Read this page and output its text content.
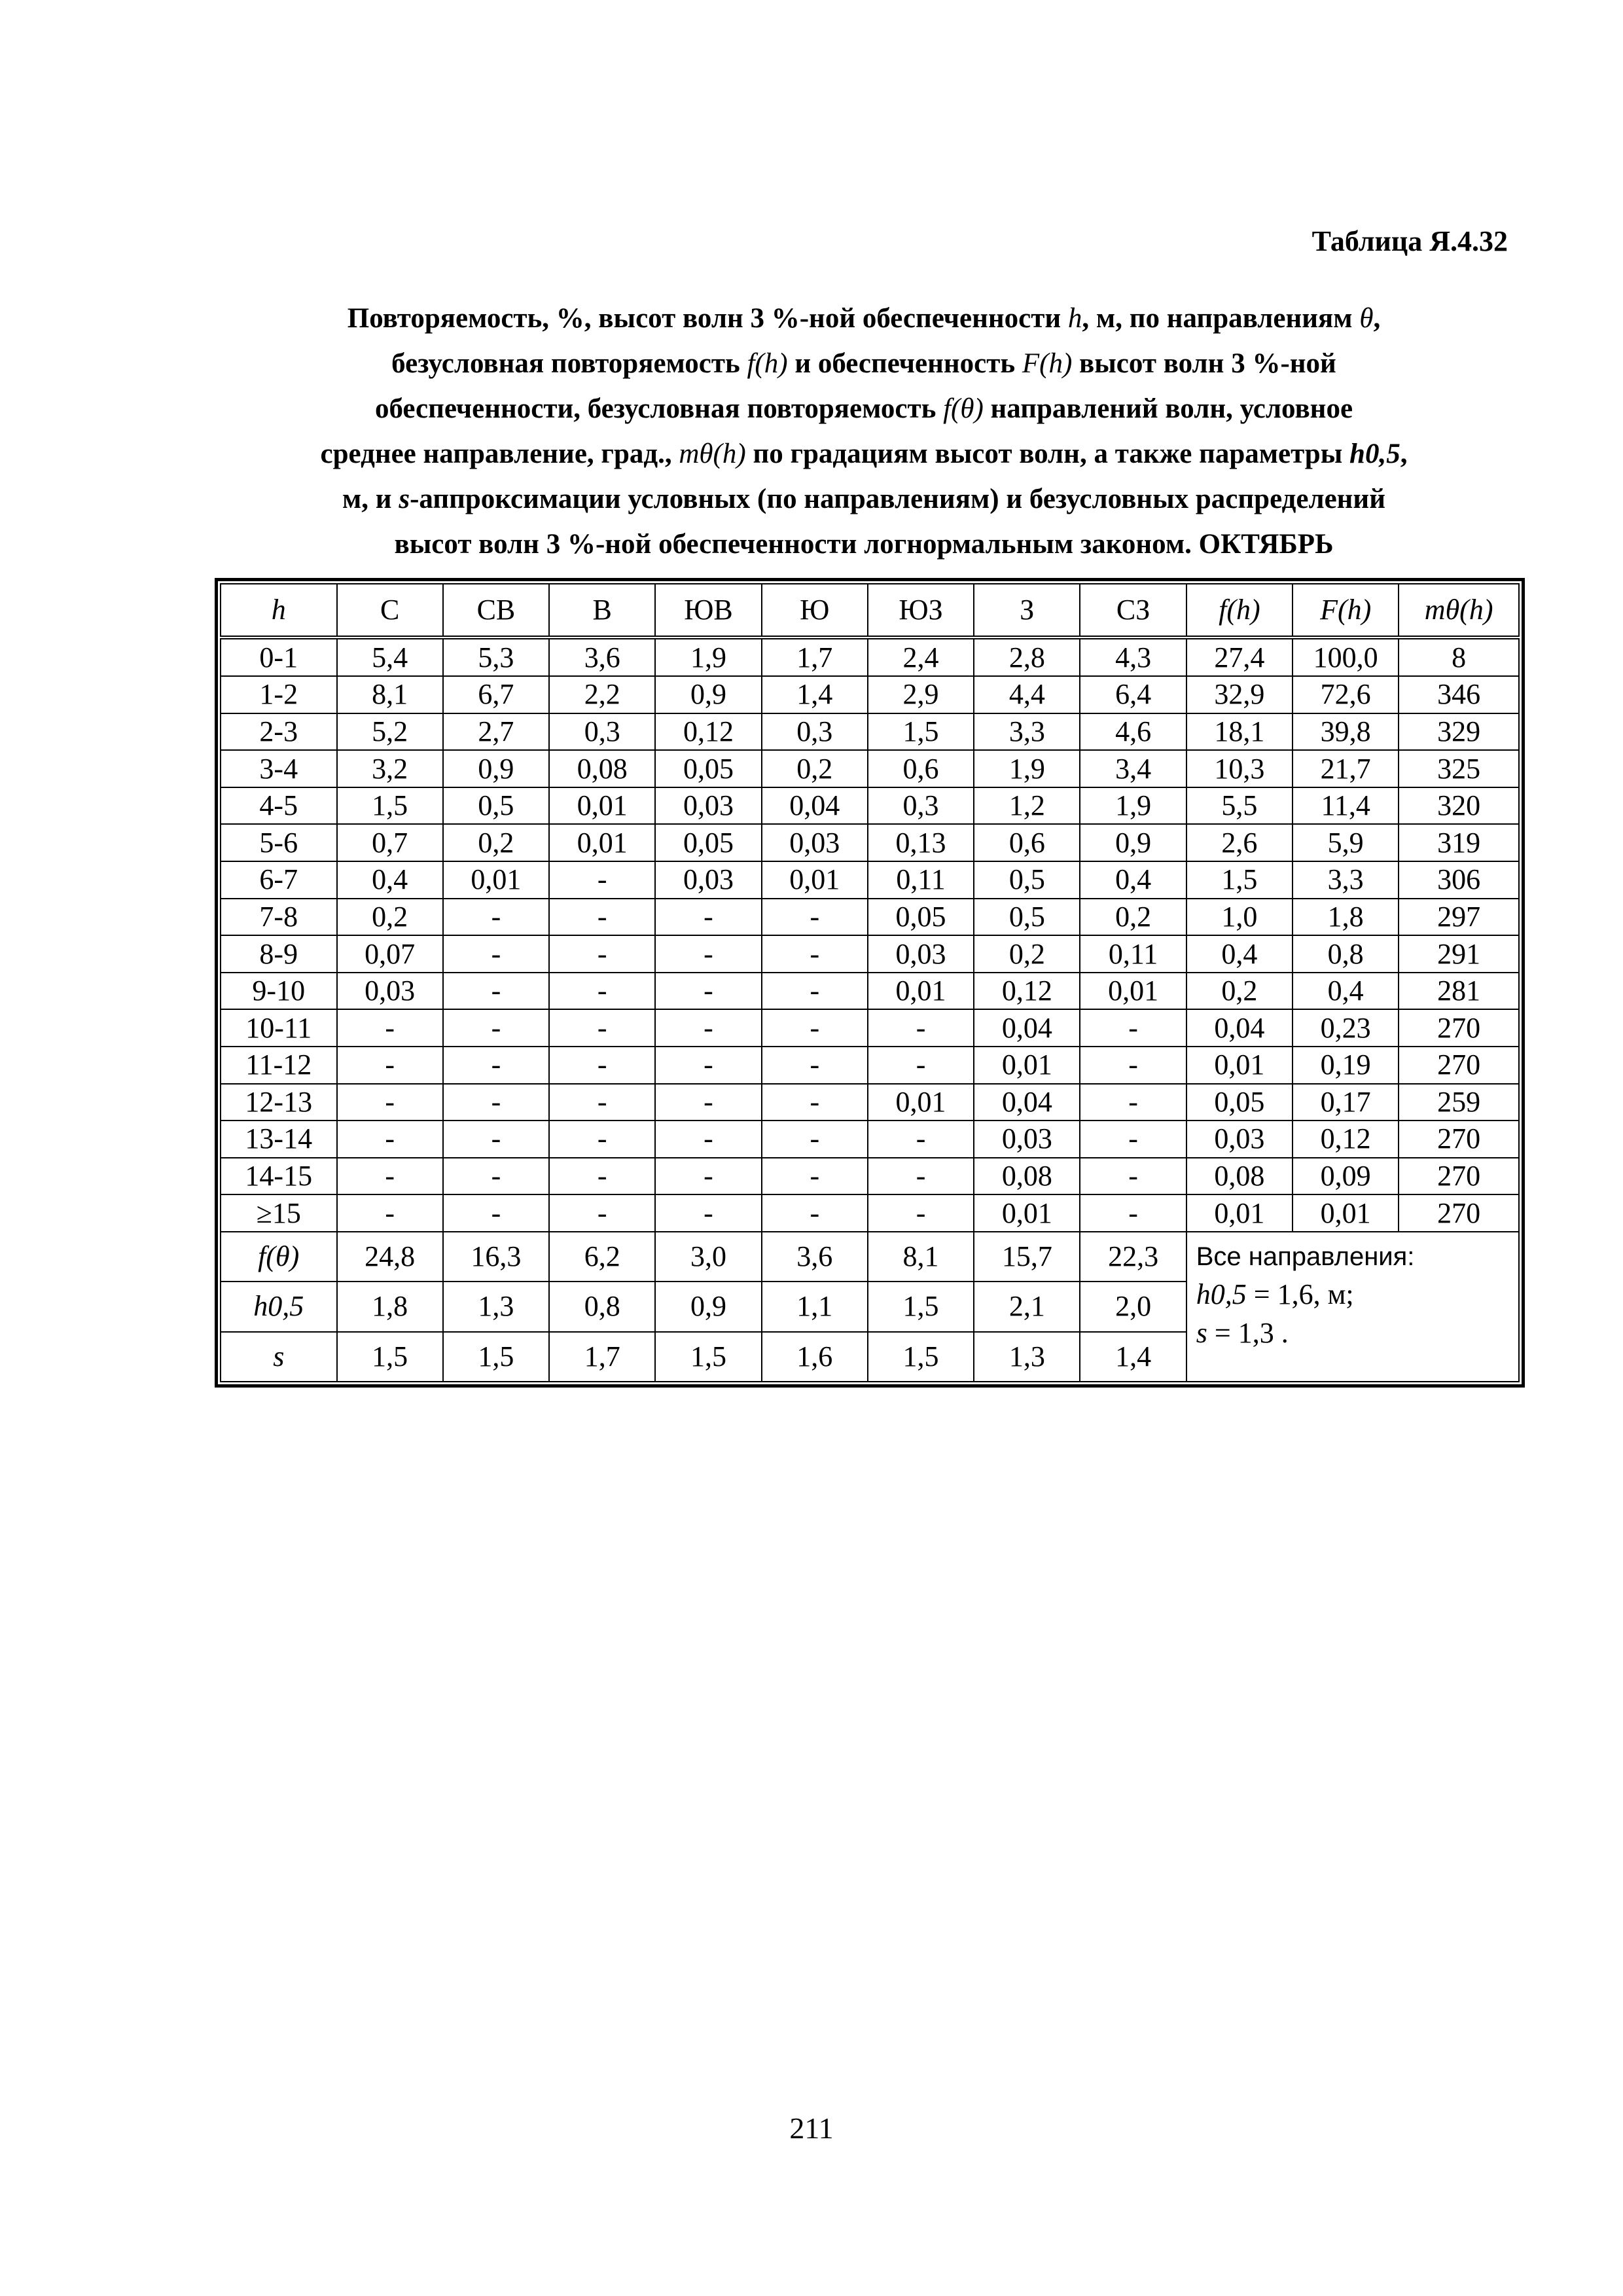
Таблица Я.4.32
Повторяемость, %, высот волн 3 %-ной обеспеченности h, м, по направлениям θ,
безусловная повторяемость f(h) и обеспеченность F(h) высот волн 3 %-ной
обеспеченности, безусловная повторяемость f(θ) направлений волн, условное
среднее направление, град., mθ(h) по градациям высот волн, а также параметры h0,5,
м, и s-аппроксимации условных (по направлениям) и безусловных распределений
высот волн 3 %-ной обеспеченности логнормальным законом. ОКТЯБРЬ
h	С	СВ	В	ЮВ	Ю	ЮЗ	З	СЗ	f(h)	F(h)	mθ(h)
0-1	5,4	5,3	3,6	1,9	1,7	2,4	2,8	4,3	27,4	100,0	8
1-2	8,1	6,7	2,2	0,9	1,4	2,9	4,4	6,4	32,9	72,6	346
2-3	5,2	2,7	0,3	0,12	0,3	1,5	3,3	4,6	18,1	39,8	329
3-4	3,2	0,9	0,08	0,05	0,2	0,6	1,9	3,4	10,3	21,7	325
4-5	1,5	0,5	0,01	0,03	0,04	0,3	1,2	1,9	5,5	11,4	320
5-6	0,7	0,2	0,01	0,05	0,03	0,13	0,6	0,9	2,6	5,9	319
6-7	0,4	0,01	-	0,03	0,01	0,11	0,5	0,4	1,5	3,3	306
7-8	0,2	-	-	-	-	0,05	0,5	0,2	1,0	1,8	297
8-9	0,07	-	-	-	-	0,03	0,2	0,11	0,4	0,8	291
9-10	0,03	-	-	-	-	0,01	0,12	0,01	0,2	0,4	281
10-11	-	-	-	-	-	-	0,04	-	0,04	0,23	270
11-12	-	-	-	-	-	-	0,01	-	0,01	0,19	270
12-13	-	-	-	-	-	0,01	0,04	-	0,05	0,17	259
13-14	-	-	-	-	-	-	0,03	-	0,03	0,12	270
14-15	-	-	-	-	-	-	0,08	-	0,08	0,09	270
≥15	-	-	-	-	-	-	0,01	-	0,01	0,01	270
f(θ)	24,8	16,3	6,2	3,0	3,6	8,1	15,7	22,3	Все направления:
h0,5 = 1,6, м;
s = 1,3 .		

h0,5	1,8	1,3	0,8	0,9	1,1	1,5	2,1	2,0			
s	1,5	1,5	1,7	1,5	1,6	1,5	1,3	1,4			
211
